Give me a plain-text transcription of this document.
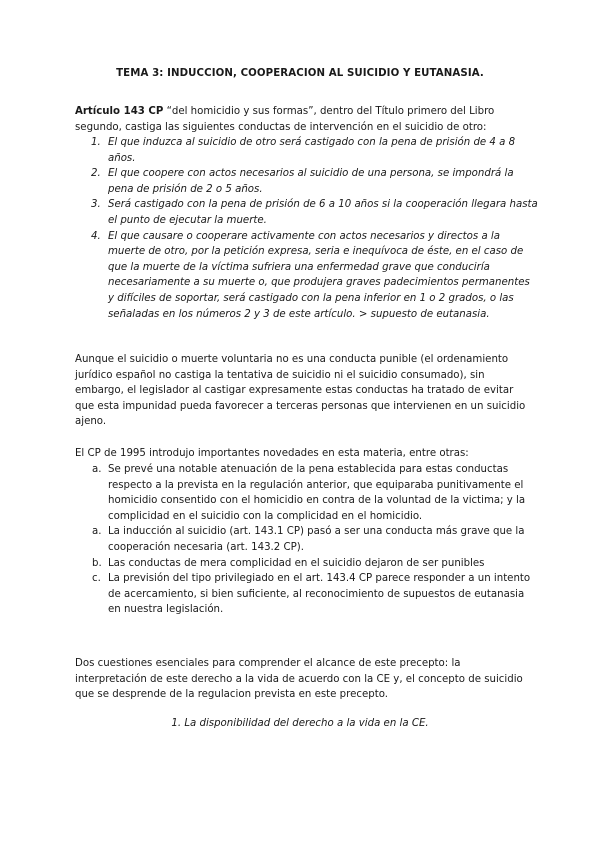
TEMA 3: INDUCCION, COOPERACION AL SUICIDIO Y EUTANASIA.
Artículo 143 CP “del homicidio y sus formas”, dentro del Título primero del Libro segundo, castiga las siguientes conductas de intervención en el suicidio de otro:
1. El que induzca al suicidio de otro será castigado con la pena de prisión de 4 a 8 años.
2. El que coopere con actos necesarios al suicidio de una persona, se impondrá la pena de prisión de 2 o 5 años.
3. Será castigado con la pena de prisión de 6 a 10 años si la cooperación llegara hasta el punto de ejecutar la muerte.
4. El que causare o cooperare activamente con actos necesarios y directos a la muerte de otro, por la petición expresa, seria e inequívoca de éste, en el caso de que la muerte de la víctima sufriera una enfermedad grave que conduciría necesariamente a su muerte o, que produjera graves padecimientos permanentes y difíciles de soportar, será castigado con la pena inferior en 1 o 2 grados, o las señaladas en los números 2 y 3 de este artículo. > supuesto de eutanasia.
Aunque el suicidio o muerte voluntaria no es una conducta punible (el ordenamiento jurídico español no castiga la tentativa de suicidio ni el suicidio consumado), sin embargo, el legislador al castigar expresamente estas conductas ha tratado de evitar que esta impunidad pueda favorecer a terceras personas que intervienen en un suicidio ajeno.
El CP de 1995 introdujo importantes novedades en esta materia, entre otras:
a. Se prevé una notable atenuación de la pena establecida para estas conductas respecto a la prevista en la regulación anterior, que equiparaba punitivamente el homicidio consentido con el homicidio en contra de la voluntad de la victima; y la complicidad en el suicidio con la complicidad en el homicidio.
a. La inducción al suicidio (art. 143.1 CP) pasó a ser una conducta más grave que la cooperación necesaria (art. 143.2 CP).
b. Las conductas de mera complicidad en el suicidio dejaron de ser punibles
c. La previsión del tipo privilegiado en el art. 143.4 CP parece responder a un intento de acercamiento, si bien suficiente, al reconocimiento de supuestos de eutanasia en nuestra legislación.
Dos cuestiones esenciales para comprender el alcance de este precepto: la interpretación de este derecho a la vida de acuerdo con la CE y, el concepto de suicidio que se desprende de la regulacion prevista en este precepto.
1. La disponibilidad del derecho a la vida en la CE.
